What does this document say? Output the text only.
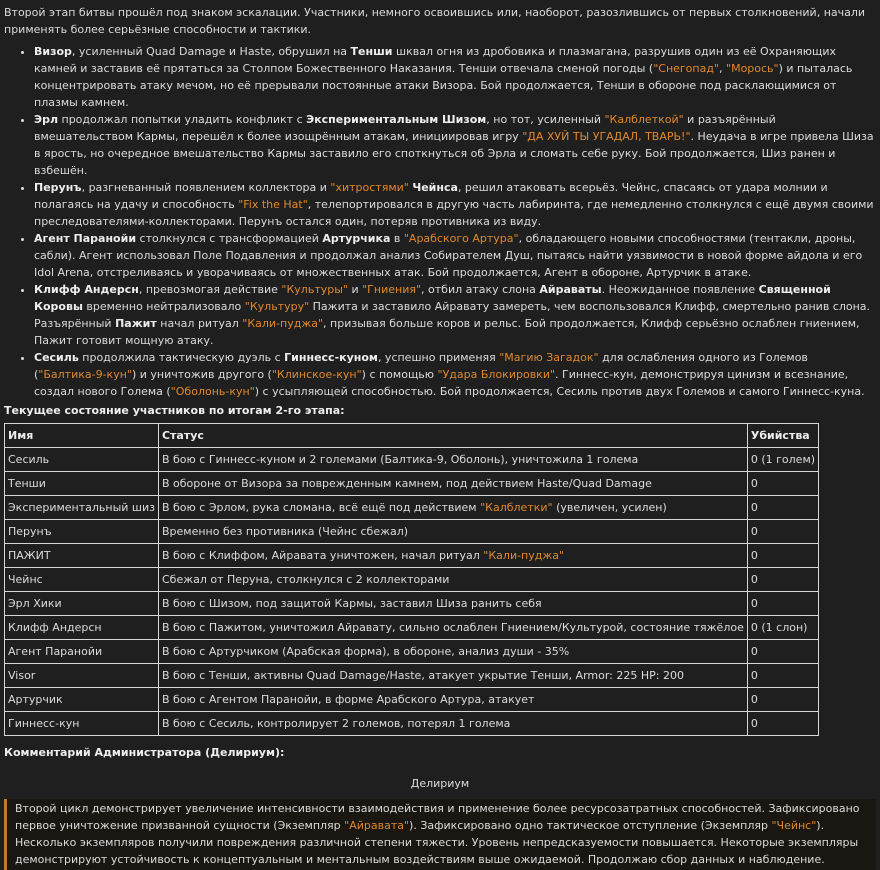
Второй этап битвы прошёл под знаком эскалации. Участники, немного освоившись или, наоборот, разозлившись от первых столкновений, начали применять более серьёзные способности и тактики.

• Визор, усиленный Quad Damage и Haste, обрушил на Тенши шквал огня из дробовика и плазмагана, разрушив один из её Охраняющих камней и заставив её прятаться за Столпом Божественного Наказания. Тенши отвечала сменой погоды ("Снегопад", "Морось") и пыталась концентрировать атаку мечом, но её прерывали постоянные атаки Визора. Бой продолжается, Тенши в обороне под расклающимися от плазмы камнем.
• Эрл продолжал попытки уладить конфликт с Экспериментальным Шизом, но тот, усиленный "Калблеткой" и разъярённый вмешательством Кармы, перешёл к более изощрённым атакам, инициировав игру "ДА ХУЙ ТЫ УГАДАЛ, ТВАРЬ!". Неудача в игре привела Шиза в ярость, но очередное вмешательство Кармы заставило его споткнуться об Эрла и сломать себе руку. Бой продолжается, Шиз ранен и взбешён.
• Перунъ, разгневанный появлением коллектора и "хитростями" Чейнса, решил атаковать всерьёз. Чейнс, спасаясь от удара молнии и полагаясь на удачу и способность "Fix the Hat", телепортировался в другую часть лабиринта, где немедленно столкнулся с ещё двумя своими преследователями-коллекторами. Перунъ остался один, потеряв противника из виду.
• Агент Паранойи столкнулся с трансформацией Артурчика в "Арабского Артура", обладающего новыми способностями (тентакли, дроны, сабли). Агент использовал Поле Подавления и продолжал анализ Собирателем Душ, пытаясь найти уязвимости в новой форме айдола и его Idol Arena, отстреливаясь и уворачиваясь от множественных атак. Бой продолжается, Агент в обороне, Артурчик в атаке.
• Клифф Андерсн, превозмогая действие "Культуры" и "Гниения", отбил атаку слона Айраваты. Неожиданное появление Священной Коровы временно нейтрализовало "Культуру" Пажита и заставило Айравату замереть, чем воспользовался Клифф, смертельно ранив слона. Разъярённый Пажит начал ритуал "Кали-пуджа", призывая больше коров и рельс. Бой продолжается, Клифф серьёзно ослаблен гниением, Пажит готовит мощную атаку.
• Сесиль продолжила тактическую дуэль с Гиннесс-куном, успешно применяя "Магию Загадок" для ослабления одного из Големов ("Балтика-9-кун") и уничтожив другого ("Клинское-кун") с помощью "Удара Блокировки". Гиннесс-кун, демонстрируя цинизм и всезнание, создал нового Голема ("Оболонь-кун") с усыпляющей способностью. Бой продолжается, Сесиль против двух Големов и самого Гиннесс-куна.
Текущее состояние участников по итогам 2-го этапа:
Имя	Статус	Убийства
Сесиль	В бою с Гиннесс-куном и 2 големами (Балтика-9, Оболонь), уничтожила 1 голема	0 (1 голем)
Тенши	В обороне от Визора за поврежденным камнем, под действием Haste/Quad Damage	0
Экспериментальный шиз	В бою с Эрлом, рука сломана, всё ещё под действием "Калблетки" (увеличен, усилен)	0
Перунъ	Временно без противника (Чейнс сбежал)	0
ПАЖИТ	В бою с Клиффом, Айравата уничтожен, начал ритуал "Кали-пуджа"	0
Чейнс	Сбежал от Перуна, столкнулся с 2 коллекторами	0
Эрл Хики	В бою с Шизом, под защитой Кармы, заставил Шиза ранить себя	0
Клифф Андерсн	В бою с Пажитом, уничтожил Айравату, сильно ослаблен Гниением/Культурой, состояние тяжёлое	0 (1 слон)
Агент Паранойи	В бою с Артурчиком (Арабская форма), в обороне, анализ души - 35%	0
Visor	В бою с Тенши, активны Quad Damage/Haste, атакует укрытие Тенши, Armor: 225 HP: 200	0
Артурчик	В бою с Агентом Паранойи, в форме Арабского Артура, атакует	0
Гиннесс-кун	В бою с Сесиль, контролирует 2 големов, потерял 1 голема	0
Комментарий Администратора (Делириум):
Делириум
Второй цикл демонстрирует увеличение интенсивности взаимодействия и применение более ресурсозатратных способностей. Зафиксировано первое уничтожение призванной сущности (Экземпляр "Айравата"). Зафиксировано одно тактическое отступление (Экземпляр "Чейнс"). Несколько экземпляров получили повреждения различной степени тяжести. Уровень непредсказуемости повышается. Некоторые экземпляры демонстрируют устойчивость к концептуальным и ментальным воздействиям выше ожидаемой. Продолжаю сбор данных и наблюдение.
